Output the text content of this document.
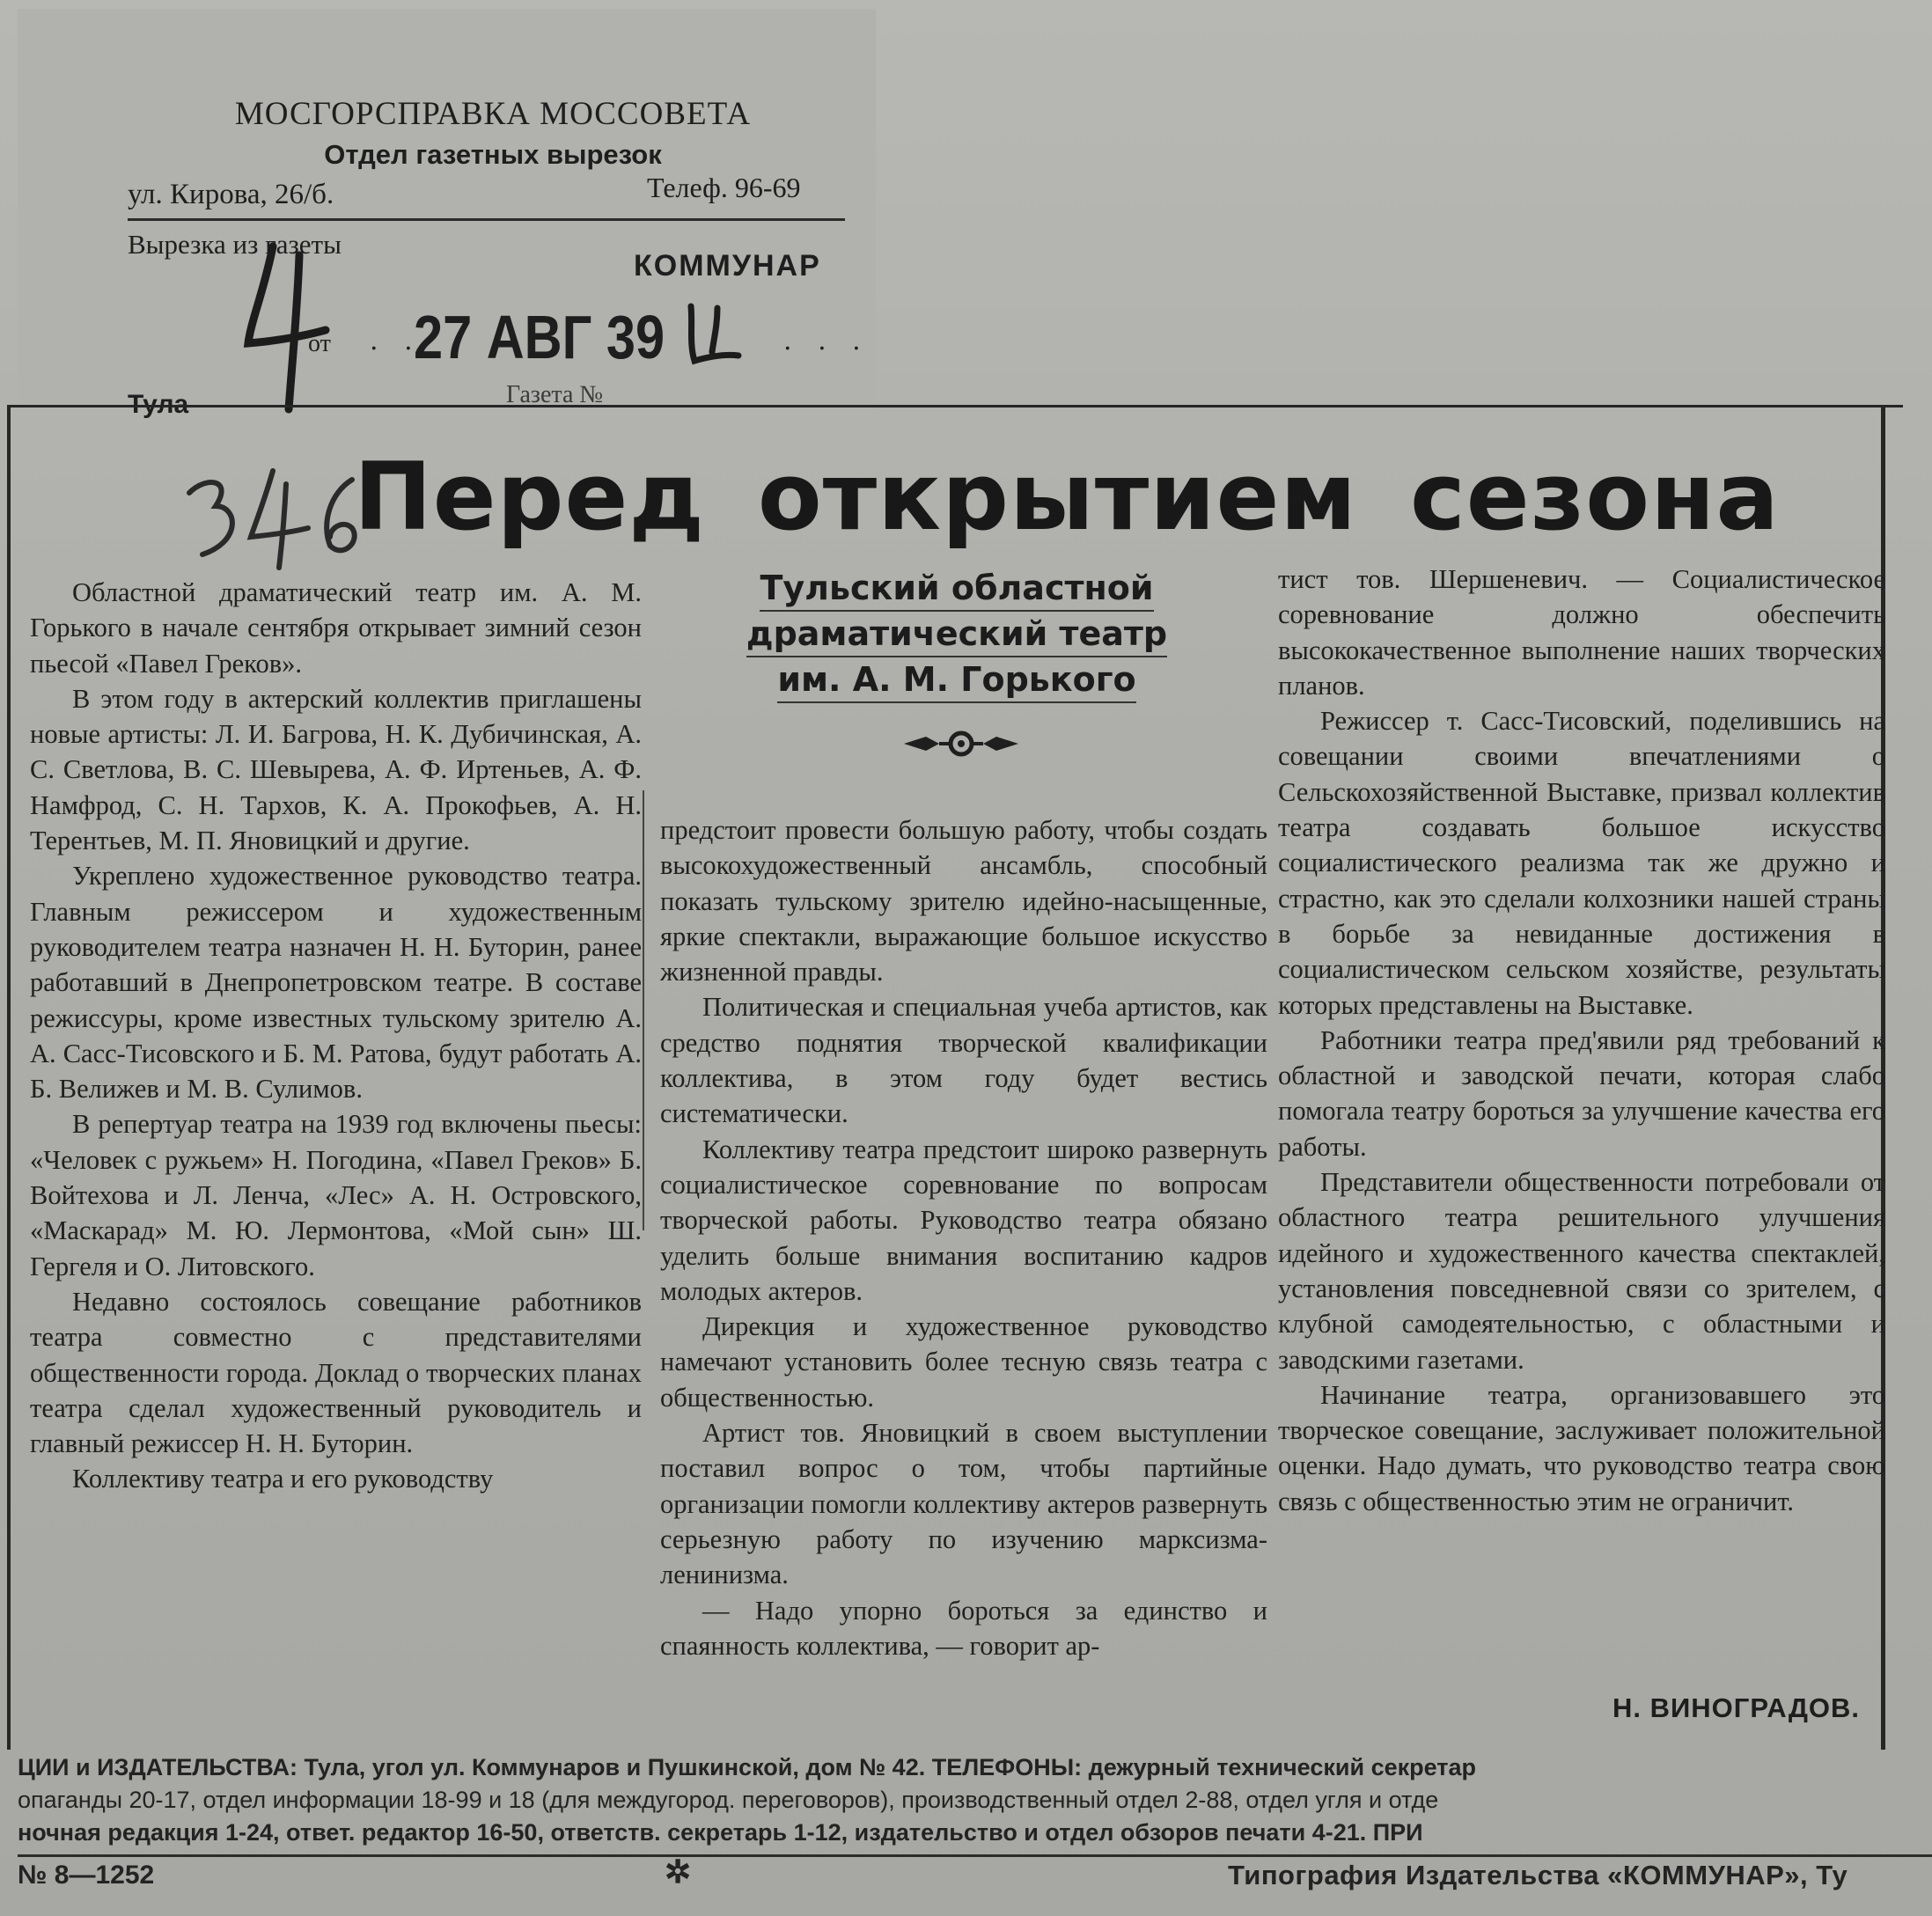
МОСГОРСПРАВКА МОССОВЕТА
Отдел газетных вырезок
ул. Кирова, 26/б.	Телеф. 96-69
Вырезка из газеты
КОММУНАР
от . .
27 АВГ 39	. . .
Тула	Газета №
Перед открытием сезона

Областной драматический театр им. А. М. Горького в начале сентября открывает зимний сезон пьесой «Павел Греков».

В этом году в актерский коллектив приглашены новые артисты: Л. И. Багрова, Н. К. Дубичинская, А. С. Светлова, В. С. Шевырева, А. Ф. Иртеньев, А. Ф. Намфрод, С. Н. Тархов, К. А. Прокофьев, А. Н. Терентьев, М. П. Яновицкий и другие.

Укреплено художественное руководство театра. Главным режиссером и художественным руководителем театра назначен Н. Н. Буторин, ранее работавший в Днепропетровском театре. В составе режиссуры, кроме известных тульскому зрителю А. А. Сасс-Тисовского и Б. М. Ратова, будут работать А. Б. Велижев и М. В. Сулимов.

В репертуар театра на 1939 год включены пьесы: «Человек с ружьем» Н. Погодина, «Павел Греков» Б. Войтехова и Л. Ленча, «Лес» А. Н. Островского, «Маскарад» М. Ю. Лермонтова, «Мой сын» Ш. Гергеля и О. Литовского.

Недавно состоялось совещание работников театра совместно с представителями общественности города. Доклад о творческих планах театра сделал художественный руководитель и главный режиссер Н. Н. Буторин.

Коллективу театра и его руководству

Тульский областной
драматический театр
им. А. М. Горького

предстоит провести большую работу, чтобы создать высокохудожественный ансамбль, способный показать тульскому зрителю идейно-насыщенные, яркие спектакли, выражающие большое искусство жизненной правды.

Политическая и специальная учеба артистов, как средство поднятия творческой квалификации коллектива, в этом году будет вестись систематически.

Коллективу театра предстоит широко развернуть социалистическое соревнование по вопросам творческой работы. Руководство театра обязано уделить больше внимания воспитанию кадров молодых актеров.

Дирекция и художественное руководство намечают установить более тесную связь театра с общественностью.

Артист тов. Яновицкий в своем выступлении поставил вопрос о том, чтобы партийные организации помогли коллективу актеров развернуть серьезную работу по изучению марксизма-ленинизма.

— Надо упорно бороться за единство и спаянность коллектива, — говорит ар-

тист тов. Шершеневич. — Социалистическое соревнование должно обеспечить высококачественное выполнение наших творческих планов.

Режиссер т. Сасс-Тисовский, поделившись на совещании своими впечатлениями о Сельскохозяйственной Выставке, призвал коллектив театра создавать большое искусство социалистического реализма так же дружно и страстно, как это сделали колхозники нашей страны в борьбе за невиданные достижения в социалистическом сельском хозяйстве, результаты которых представлены на Выставке.

Работники театра пред'явили ряд требований к областной и заводской печати, которая слабо помогала театру бороться за улучшение качества его работы.

Представители общественности потребовали от областного театра решительного улучшения идейного и художественного качества спектаклей, установления повседневной связи со зрителем, с клубной самодеятельностью, с областными и заводскими газетами.

Начинание театра, организовавшего это творческое совещание, заслуживает положительной оценки. Надо думать, что руководство театра свою связь с общественностью этим не ограничит.

Н. ВИНОГРАДОВ.
ЦИИ и ИЗДАТЕЛЬСТВА: Тула, угол ул. Коммунаров и Пушкинской, дом № 42. ТЕЛЕФОНЫ: дежурный технический секретар
опаганды 20-17, отдел информации 18-99 и 18 (для междугород. переговоров), производственный отдел 2-88, отдел угля и отде
ночная редакция 1-24, ответ. редактор 16-50, ответств. секретарь 1-12, издательство и отдел обзоров печати 4-21. ПРИ
№ 8—1252	✲	Типография Издательства «КОММУНАР», Ту
